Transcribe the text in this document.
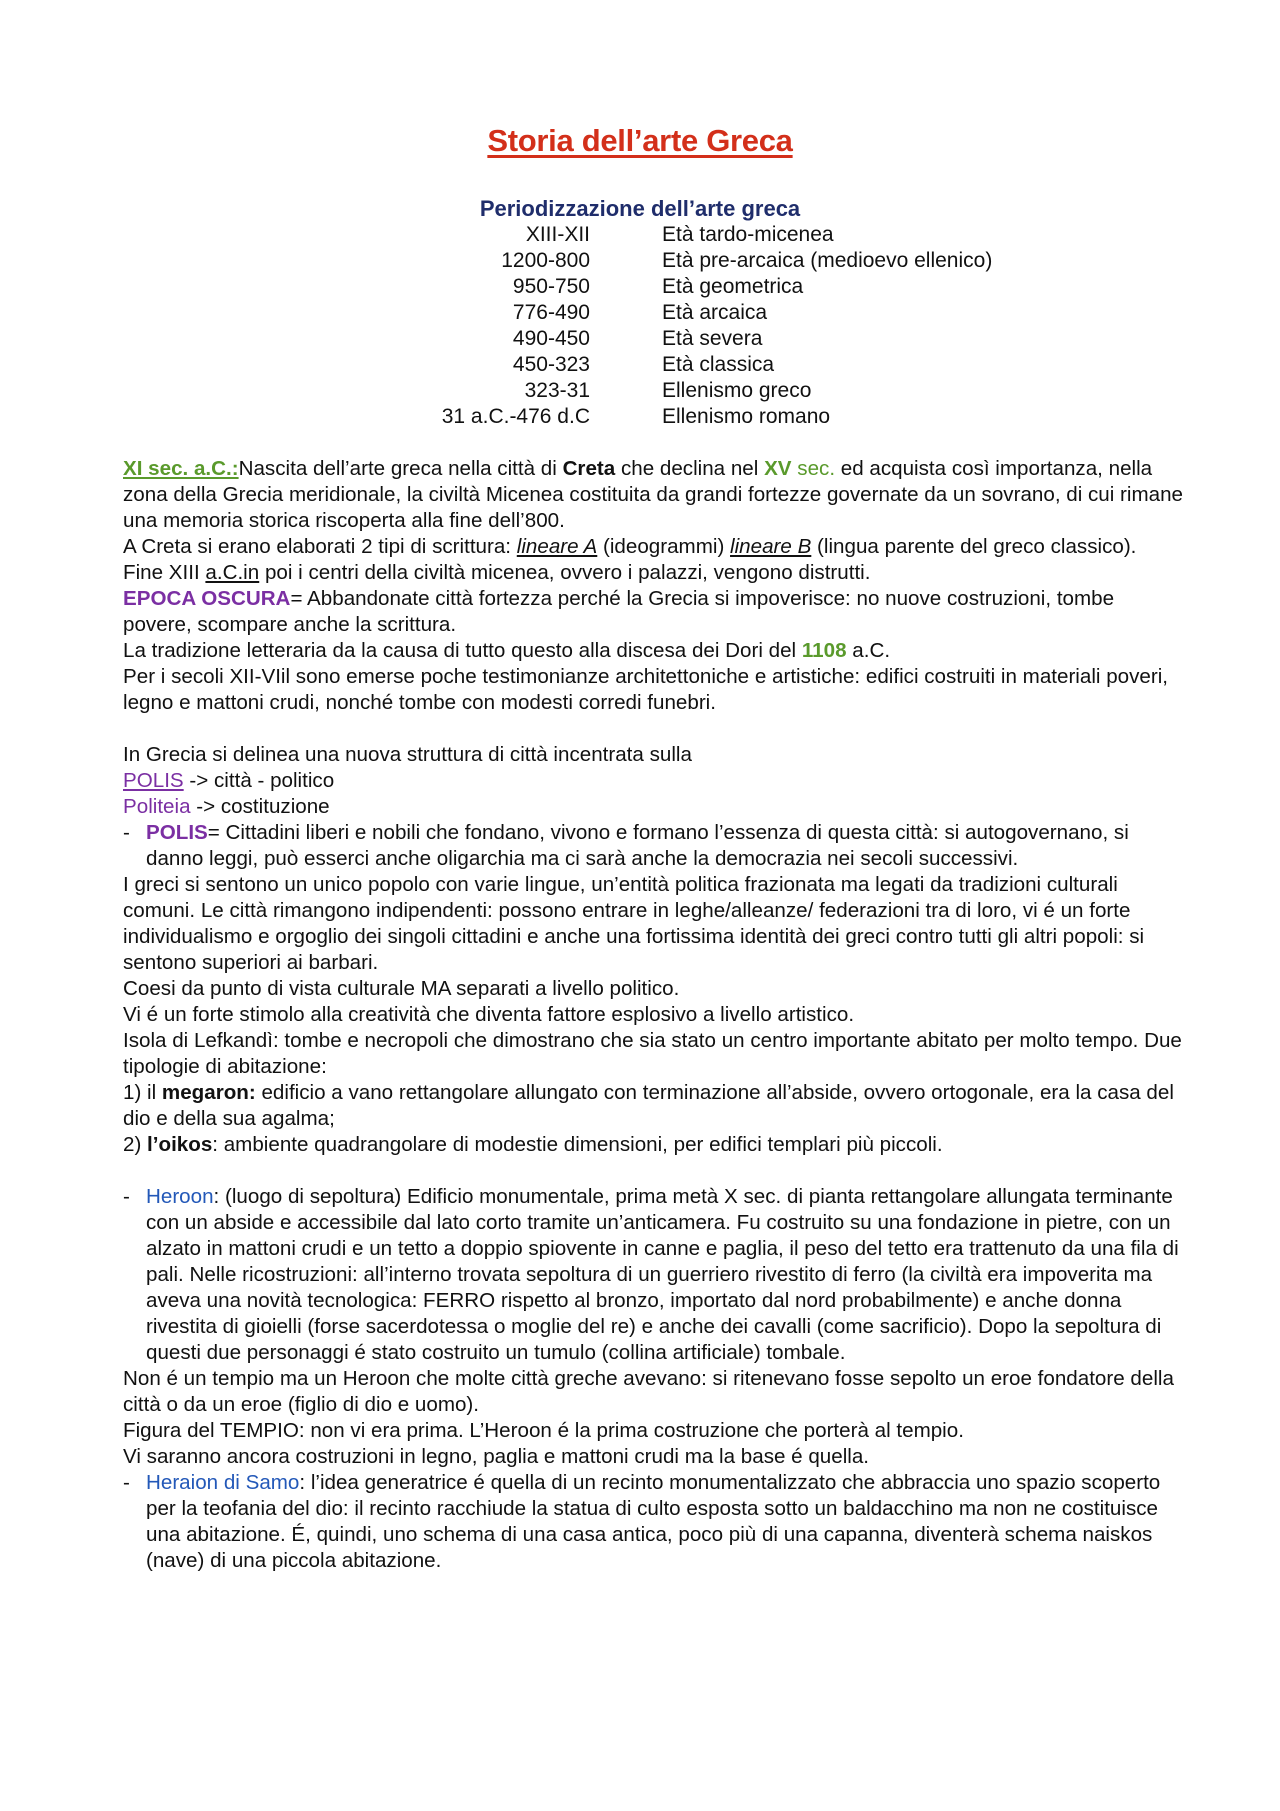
Storia dell’arte Greca
Periodizzazione dell’arte greca
XIII-XII	Età tardo-micenea
1200-800	Età pre-arcaica (medioevo ellenico)
950-750	Età geometrica
776-490	Età arcaica
490-450	Età severa
450-323	Età classica
323-31	Ellenismo greco
31 a.C.-476 d.C	Ellenismo romano

XI sec. a.C.:Nascita dell’arte greca nella città di Creta che declina nel XV sec. ed acquista così importanza, nella zona della Grecia meridionale, la civiltà Micenea costituita da grandi fortezze governate da un sovrano, di cui rimane una memoria storica riscoperta alla fine dell’800.

A Creta si erano elaborati 2 tipi di scrittura: lineare A (ideogrammi) lineare B (lingua parente del greco classico).

Fine XIII a.C.in poi i centri della civiltà micenea, ovvero i palazzi, vengono distrutti.

EPOCA OSCURA= Abbandonate città fortezza perché la Grecia si impoverisce: no nuove costruzioni, tombe povere, scompare anche la scrittura.

La tradizione letteraria da la causa di tutto questo alla discesa dei Dori del 1108 a.C.

Per i secoli XII-VIil sono emerse poche testimonianze architettoniche e artistiche: edifici costruiti in materiali poveri, legno e mattoni crudi, nonché tombe con modesti corredi funebri.

In Grecia si delinea una nuova struttura di città incentrata sulla

POLIS -> città - politico

Politeia -> costituzione

- POLIS= Cittadini liberi e nobili che fondano, vivono e formano l’essenza di questa città: si autogovernano, si danno leggi, può esserci anche oligarchia ma ci sarà anche la democrazia nei secoli successivi.

I greci si sentono un unico popolo con varie lingue, un’entità politica frazionata ma legati da tradizioni culturali comuni. Le città rimangono indipendenti: possono entrare in leghe/alleanze/ federazioni tra di loro, vi é un forte individualismo e orgoglio dei singoli cittadini e anche una fortissima identità dei greci contro tutti gli altri popoli: si sentono superiori ai barbari.

Coesi da punto di vista culturale MA separati a livello politico.

Vi é un forte stimolo alla creatività che diventa fattore esplosivo a livello artistico.

Isola di Lefkandì: tombe e necropoli che dimostrano che sia stato un centro importante abitato per molto tempo. Due tipologie di abitazione:

1) il megaron: edificio a vano rettangolare allungato con terminazione all’abside, ovvero ortogonale, era la casa del dio e della sua agalma;

2) l’oikos: ambiente quadrangolare di modestie dimensioni, per edifici templari più piccoli.

- Heroon: (luogo di sepoltura) Edificio monumentale, prima metà X sec. di pianta rettangolare allungata terminante con un abside e accessibile dal lato corto tramite un’anticamera. Fu costruito su una fondazione in pietre, con un alzato in mattoni crudi e un tetto a doppio spiovente in canne e paglia, il peso del tetto era trattenuto da una fila di pali. Nelle ricostruzioni: all’interno trovata sepoltura di un guerriero rivestito di ferro (la civiltà era impoverita ma aveva una novità tecnologica: FERRO rispetto al bronzo, importato dal nord probabilmente) e anche donna rivestita di gioielli (forse sacerdotessa o moglie del re) e anche dei cavalli (come sacrificio). Dopo la sepoltura di questi due personaggi é stato costruito un tumulo (collina artificiale) tombale.

Non é un tempio ma un Heroon che molte città greche avevano: si ritenevano fosse sepolto un eroe fondatore della città o da un eroe (figlio di dio e uomo).

Figura del TEMPIO: non vi era prima. L’Heroon é la prima costruzione che porterà al tempio.

Vi saranno ancora costruzioni in legno, paglia e mattoni crudi ma la base é quella.

- Heraion di Samo: l’idea generatrice é quella di un recinto monumentalizzato che abbraccia uno spazio scoperto per la teofania del dio: il recinto racchiude la statua di culto esposta sotto un baldacchino ma non ne costituisce una abitazione. É, quindi, uno schema di una casa antica, poco più di una capanna, diventerà schema naiskos (nave) di una piccola abitazione.
